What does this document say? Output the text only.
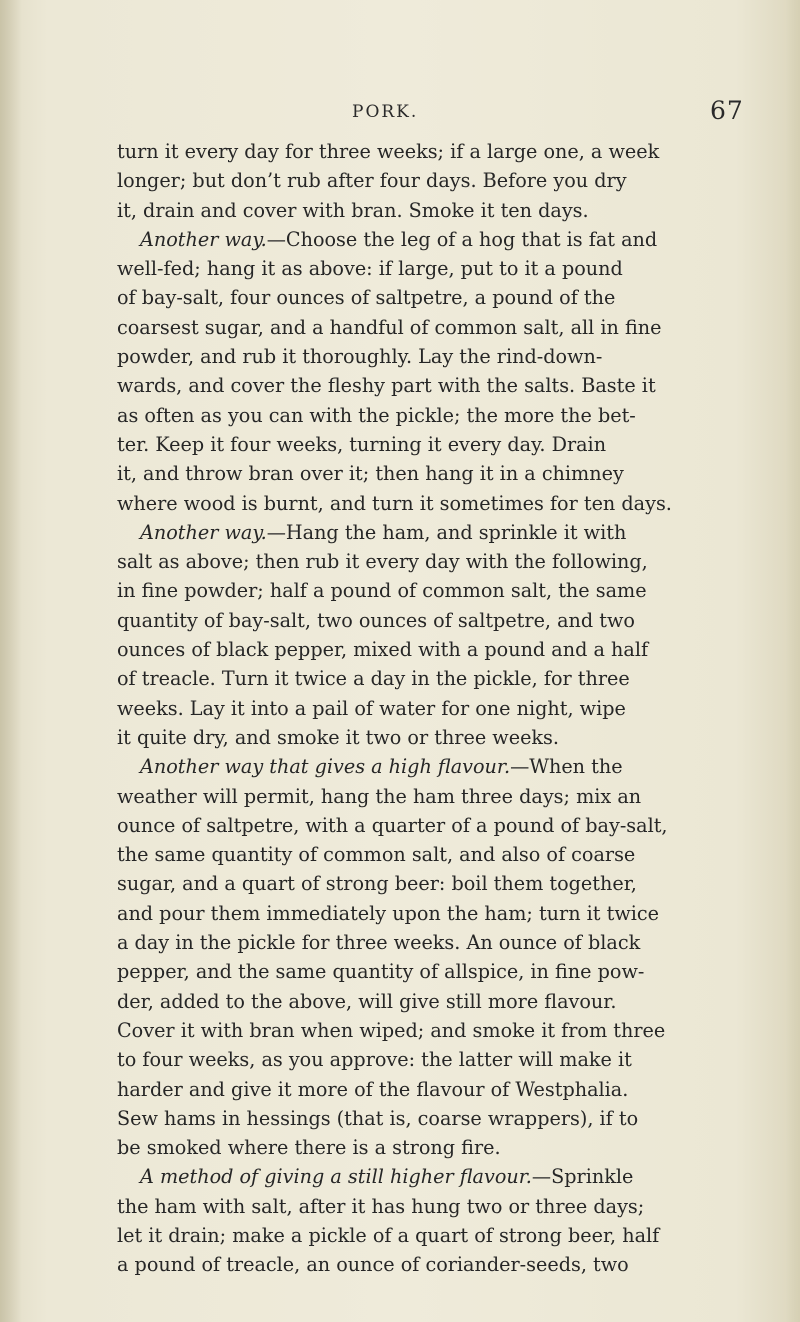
PORK.	67
turn it every day for three weeks; if a large one, a week
longer; but don’t rub after four days. Before you dry
it, drain and cover with bran. Smoke it ten days.
Another way.—Choose the leg of a hog that is fat and
well-fed; hang it as above: if large, put to it a pound
of bay-salt, four ounces of saltpetre, a pound of the
coarsest sugar, and a handful of common salt, all in fine
powder, and rub it thoroughly. Lay the rind-down-
wards, and cover the fleshy part with the salts. Baste it
as often as you can with the pickle; the more the bet-
ter. Keep it four weeks, turning it every day. Drain
it, and throw bran over it; then hang it in a chimney
where wood is burnt, and turn it sometimes for ten days.
Another way.—Hang the ham, and sprinkle it with
salt as above; then rub it every day with the following,
in fine powder; half a pound of common salt, the same
quantity of bay-salt, two ounces of saltpetre, and two
ounces of black pepper, mixed with a pound and a half
of treacle. Turn it twice a day in the pickle, for three
weeks. Lay it into a pail of water for one night, wipe
it quite dry, and smoke it two or three weeks.
Another way that gives a high flavour.—When the
weather will permit, hang the ham three days; mix an
ounce of saltpetre, with a quarter of a pound of bay-salt,
the same quantity of common salt, and also of coarse
sugar, and a quart of strong beer: boil them together,
and pour them immediately upon the ham; turn it twice
a day in the pickle for three weeks. An ounce of black
pepper, and the same quantity of allspice, in fine pow-
der, added to the above, will give still more flavour.
Cover it with bran when wiped; and smoke it from three
to four weeks, as you approve: the latter will make it
harder and give it more of the flavour of Westphalia.
Sew hams in hessings (that is, coarse wrappers), if to
be smoked where there is a strong fire.
A method of giving a still higher flavour.—Sprinkle
the ham with salt, after it has hung two or three days;
let it drain; make a pickle of a quart of strong beer, half
a pound of treacle, an ounce of coriander-seeds, two
